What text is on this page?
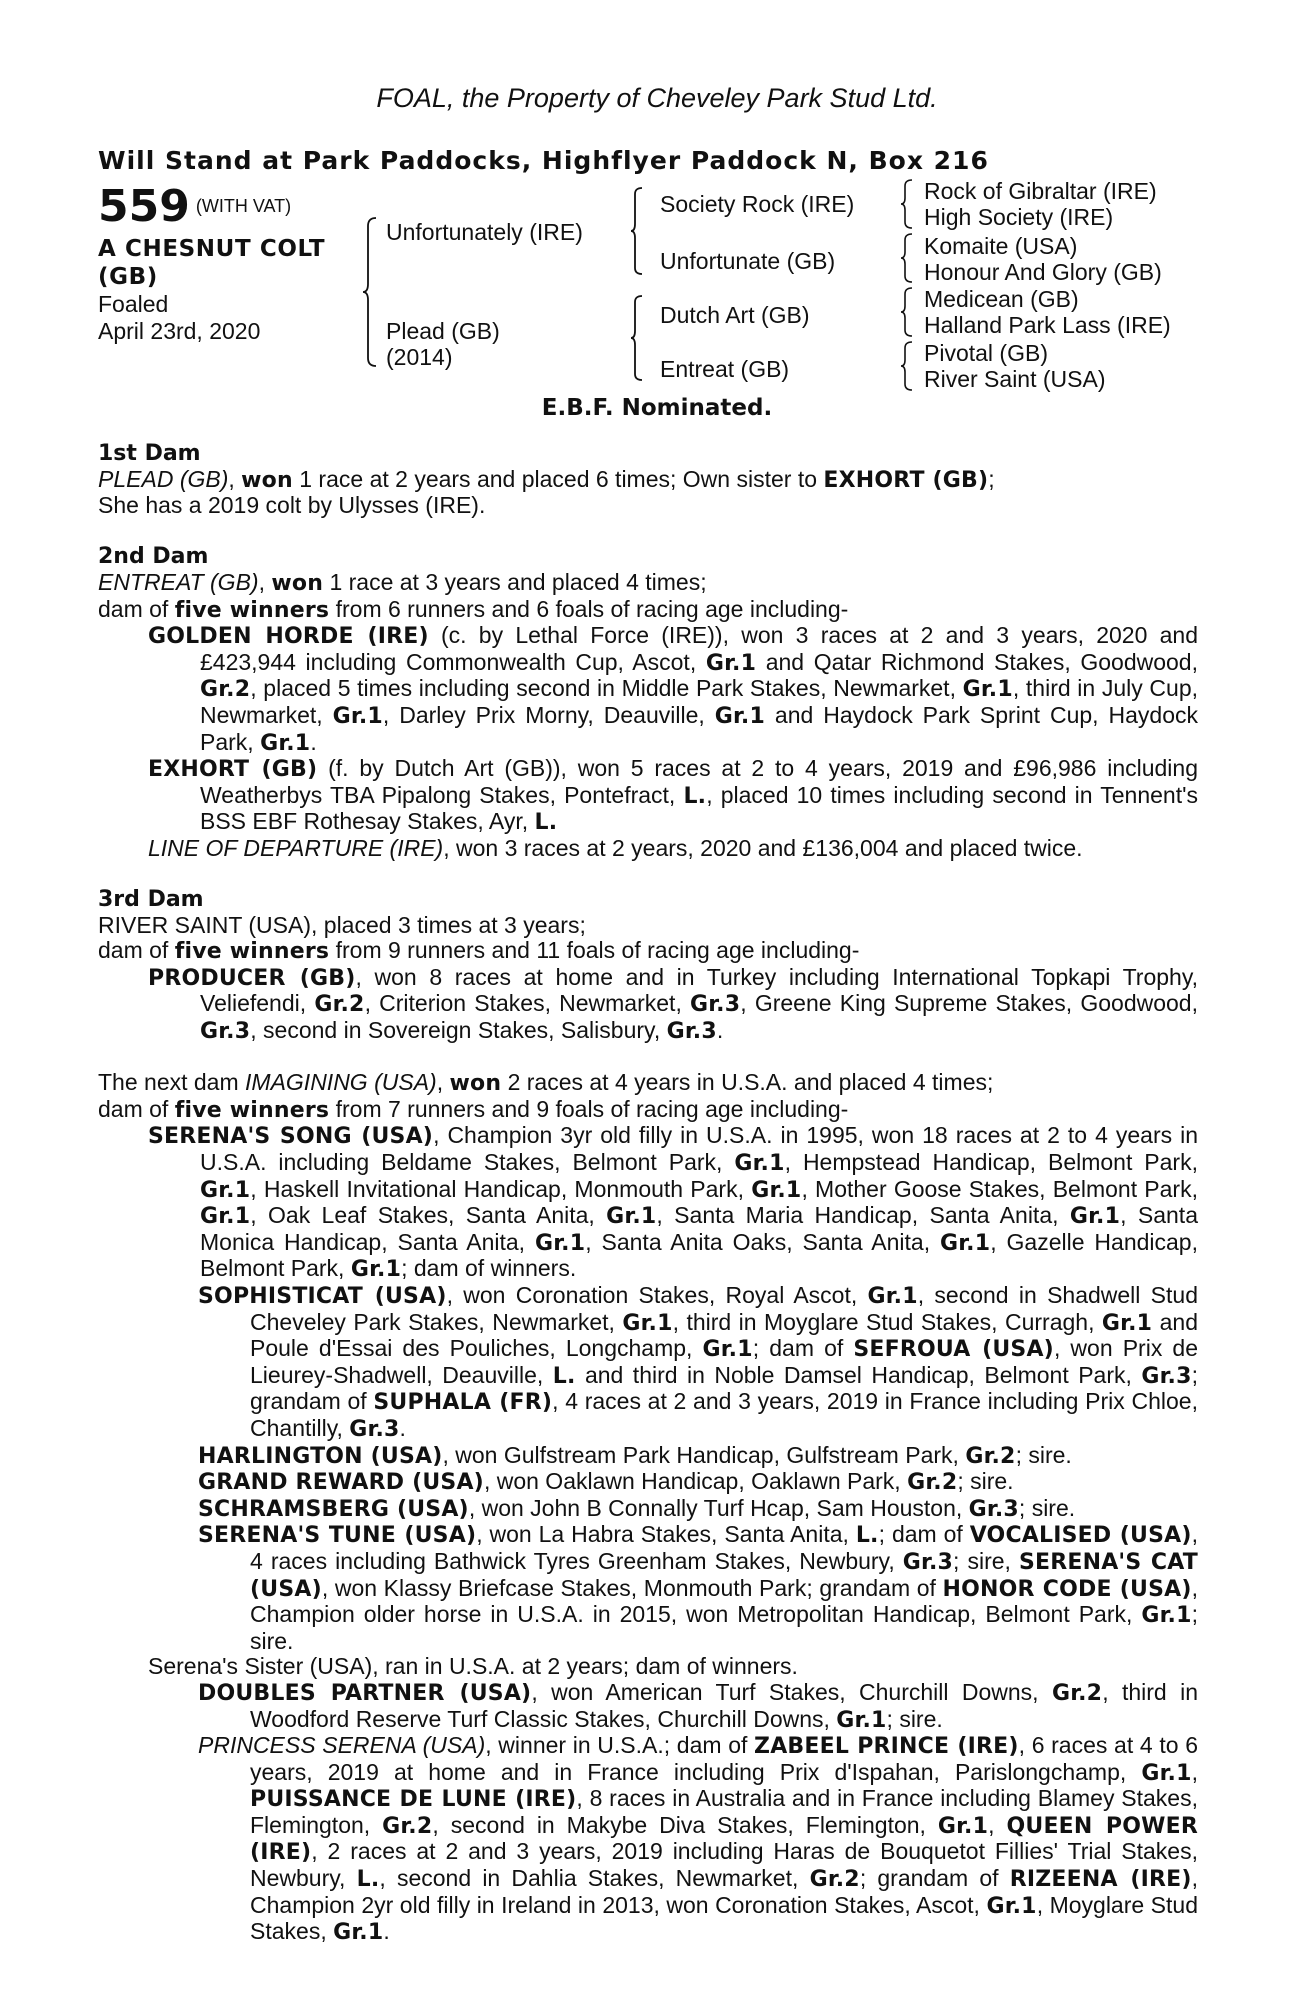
FOAL, the Property of Cheveley Park Stud Ltd.
Will Stand at Park Paddocks, Highflyer Paddock N, Box 216
559 $^{(WITH VAT)}$
A CHESNUT COLT
(GB)
Foaled
April 23rd, 2020
Unfortunately (IRE)
Plead (GB)
(2014)
Society Rock (IRE)
Unfortunate (GB)
Dutch Art (GB)
Entreat (GB)
Rock of Gibraltar (IRE)
High Society (IRE)
Komaite (USA)
Honour And Glory (GB)
Medicean (GB)
Halland Park Lass (IRE)
Pivotal (GB)
River Saint (USA)
E.B.F. Nominated.
1st Dam
PLEAD (GB), won 1 race at 2 years and placed 6 times; Own sister to EXHORT (GB);
She has a 2019 colt by Ulysses (IRE).
2nd Dam
ENTREAT (GB), won 1 race at 3 years and placed 4 times;
dam of five winners from 6 runners and 6 foals of racing age including-
GOLDEN HORDE (IRE) (c. by Lethal Force (IRE)), won 3 races at 2 and 3 years, 2020 and £423,944 including Commonwealth Cup, Ascot, Gr.1 and Qatar Richmond Stakes, Goodwood, Gr.2, placed 5 times including second in Middle Park Stakes, Newmarket, Gr.1, third in July Cup, Newmarket, Gr.1, Darley Prix Morny, Deauville, Gr.1 and Haydock Park Sprint Cup, Haydock Park, Gr.1.
EXHORT (GB) (f. by Dutch Art (GB)), won 5 races at 2 to 4 years, 2019 and £96,986 including Weatherbys TBA Pipalong Stakes, Pontefract, L., placed 10 times including second in Tennent's BSS EBF Rothesay Stakes, Ayr, L.
LINE OF DEPARTURE (IRE), won 3 races at 2 years, 2020 and £136,004 and placed twice.
3rd Dam
RIVER SAINT (USA), placed 3 times at 3 years;
dam of five winners from 9 runners and 11 foals of racing age including-
PRODUCER (GB), won 8 races at home and in Turkey including International Topkapi Trophy, Veliefendi, Gr.2, Criterion Stakes, Newmarket, Gr.3, Greene King Supreme Stakes, Goodwood, Gr.3, second in Sovereign Stakes, Salisbury, Gr.3.
The next dam IMAGINING (USA), won 2 races at 4 years in U.S.A. and placed 4 times;
dam of five winners from 7 runners and 9 foals of racing age including-
SERENA'S SONG (USA), Champion 3yr old filly in U.S.A. in 1995, won 18 races at 2 to 4 years in U.S.A. including Beldame Stakes, Belmont Park, Gr.1, Hempstead Handicap, Belmont Park, Gr.1, Haskell Invitational Handicap, Monmouth Park, Gr.1, Mother Goose Stakes, Belmont Park, Gr.1, Oak Leaf Stakes, Santa Anita, Gr.1, Santa Maria Handicap, Santa Anita, Gr.1, Santa Monica Handicap, Santa Anita, Gr.1, Santa Anita Oaks, Santa Anita, Gr.1, Gazelle Handicap, Belmont Park, Gr.1; dam of winners.
SOPHISTICAT (USA), won Coronation Stakes, Royal Ascot, Gr.1, second in Shadwell Stud Cheveley Park Stakes, Newmarket, Gr.1, third in Moyglare Stud Stakes, Curragh, Gr.1 and Poule d'Essai des Pouliches, Longchamp, Gr.1; dam of SEFROUA (USA), won Prix de Lieurey-Shadwell, Deauville, L. and third in Noble Damsel Handicap, Belmont Park, Gr.3; grandam of SUPHALA (FR), 4 races at 2 and 3 years, 2019 in France including Prix Chloe, Chantilly, Gr.3.
HARLINGTON (USA), won Gulfstream Park Handicap, Gulfstream Park, Gr.2; sire.
GRAND REWARD (USA), won Oaklawn Handicap, Oaklawn Park, Gr.2; sire.
SCHRAMSBERG (USA), won John B Connally Turf Hcap, Sam Houston, Gr.3; sire.
SERENA'S TUNE (USA), won La Habra Stakes, Santa Anita, L.; dam of VOCALISED (USA), 4 races including Bathwick Tyres Greenham Stakes, Newbury, Gr.3; sire, SERENA'S CAT (USA), won Klassy Briefcase Stakes, Monmouth Park; grandam of HONOR CODE (USA), Champion older horse in U.S.A. in 2015, won Metropolitan Handicap, Belmont Park, Gr.1; sire.
Serena's Sister (USA), ran in U.S.A. at 2 years; dam of winners.
DOUBLES PARTNER (USA), won American Turf Stakes, Churchill Downs, Gr.2, third in Woodford Reserve Turf Classic Stakes, Churchill Downs, Gr.1; sire.
PRINCESS SERENA (USA), winner in U.S.A.; dam of ZABEEL PRINCE (IRE), 6 races at 4 to 6 years, 2019 at home and in France including Prix d'Ispahan, Parislongchamp, Gr.1, PUISSANCE DE LUNE (IRE), 8 races in Australia and in France including Blamey Stakes, Flemington, Gr.2, second in Makybe Diva Stakes, Flemington, Gr.1, QUEEN POWER (IRE), 2 races at 2 and 3 years, 2019 including Haras de Bouquetot Fillies' Trial Stakes, Newbury, L., second in Dahlia Stakes, Newmarket, Gr.2; grandam of RIZEENA (IRE), Champion 2yr old filly in Ireland in 2013, won Coronation Stakes, Ascot, Gr.1, Moyglare Stud Stakes, Gr.1.
